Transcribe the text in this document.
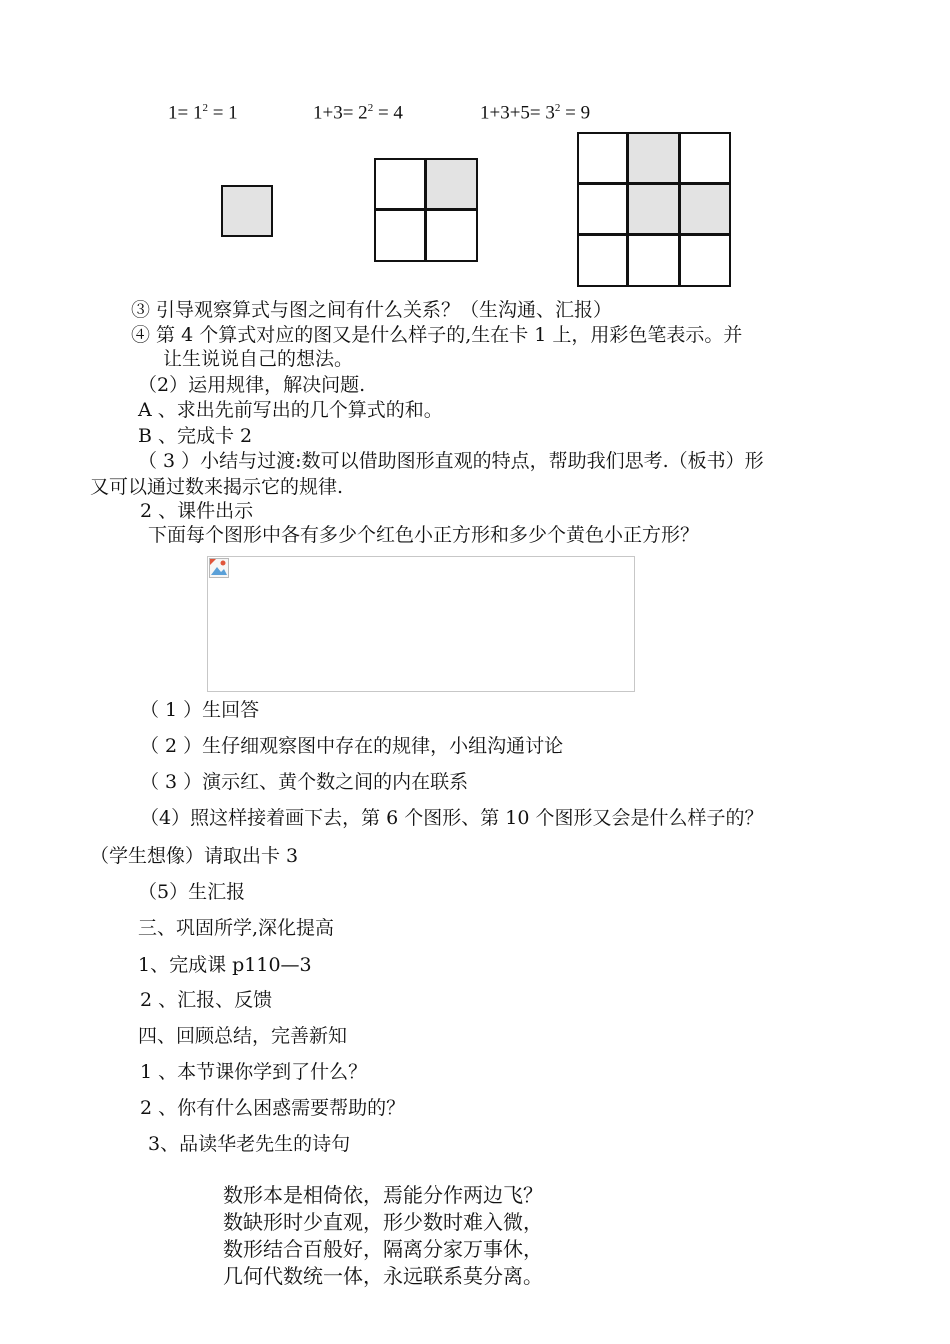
$1= 1^2 = 1$	$1+3= 2^2 = 4$	$1+3+5= 3^2 = 9$
③ 引导观察算式与图之间有什么关系？（生沟通、汇报）
④ 第 4 个算式对应的图又是什么样子的,生在卡 1 上，用彩色笔表示。并
让生说说自己的想法。
（2）运用规律，解决问题.
A 、求出先前写出的几个算式的和。
B 、完成卡 2
（ 3 ）小结与过渡:数可以借助图形直观的特点，帮助我们思考.（板书）形
又可以通过数来揭示它的规律.
2 、课件出示
下面每个图形中各有多少个红色小正方形和多少个黄色小正方形？
（ 1 ）生回答
（ 2 ）生仔细观察图中存在的规律，小组沟通讨论
（ 3 ）演示红、黄个数之间的内在联系
（4）照这样接着画下去，第 6 个图形、第 10 个图形又会是什么样子的？
（学生想像）请取出卡 3
（5）生汇报
三、巩固所学,深化提高
1、完成课 p110—3
2 、汇报、反馈
四、回顾总结，完善新知
1 、本节课你学到了什么？
2 、你有什么困惑需要帮助的？
3、品读华老先生的诗句
数形本是相倚依，焉能分作两边飞？
数缺形时少直观，形少数时难入微，
数形结合百般好，隔离分家万事休，
几何代数统一体，永远联系莫分离。
